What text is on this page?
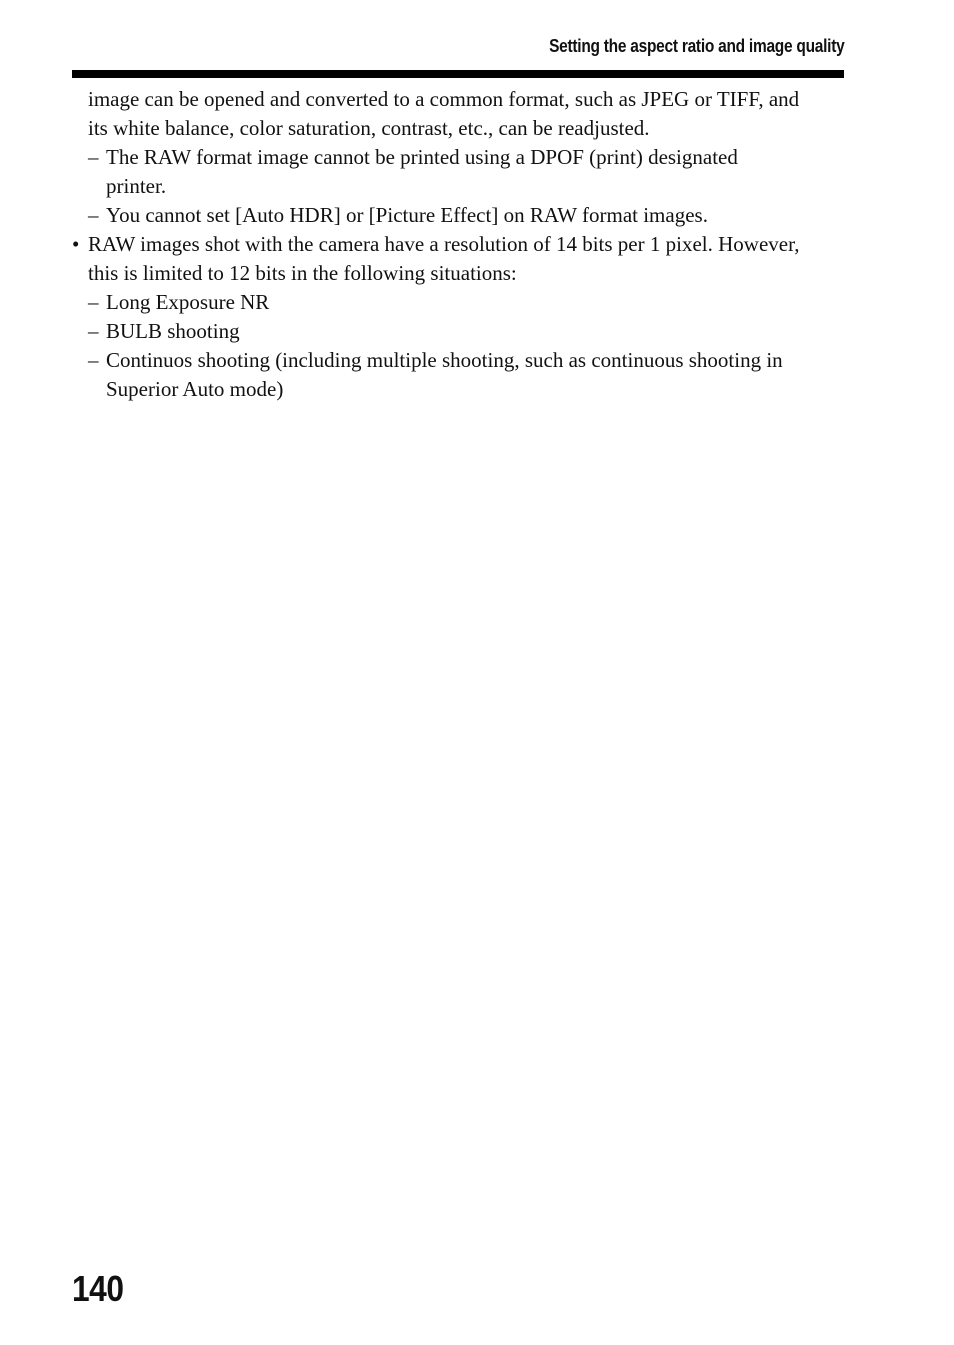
Setting the aspect ratio and image quality
image can be opened and converted to a common format, such as JPEG or TIFF, and
its white balance, color saturation, contrast, etc., can be readjusted.
– The RAW format image cannot be printed using a DPOF (print) designated
printer.
– You cannot set [Auto HDR] or [Picture Effect] on RAW format images.
• RAW images shot with the camera have a resolution of 14 bits per 1 pixel. However,
this is limited to 12 bits in the following situations:
– Long Exposure NR
– BULB shooting
– Continuos shooting (including multiple shooting, such as continuous shooting in
Superior Auto mode)
140
